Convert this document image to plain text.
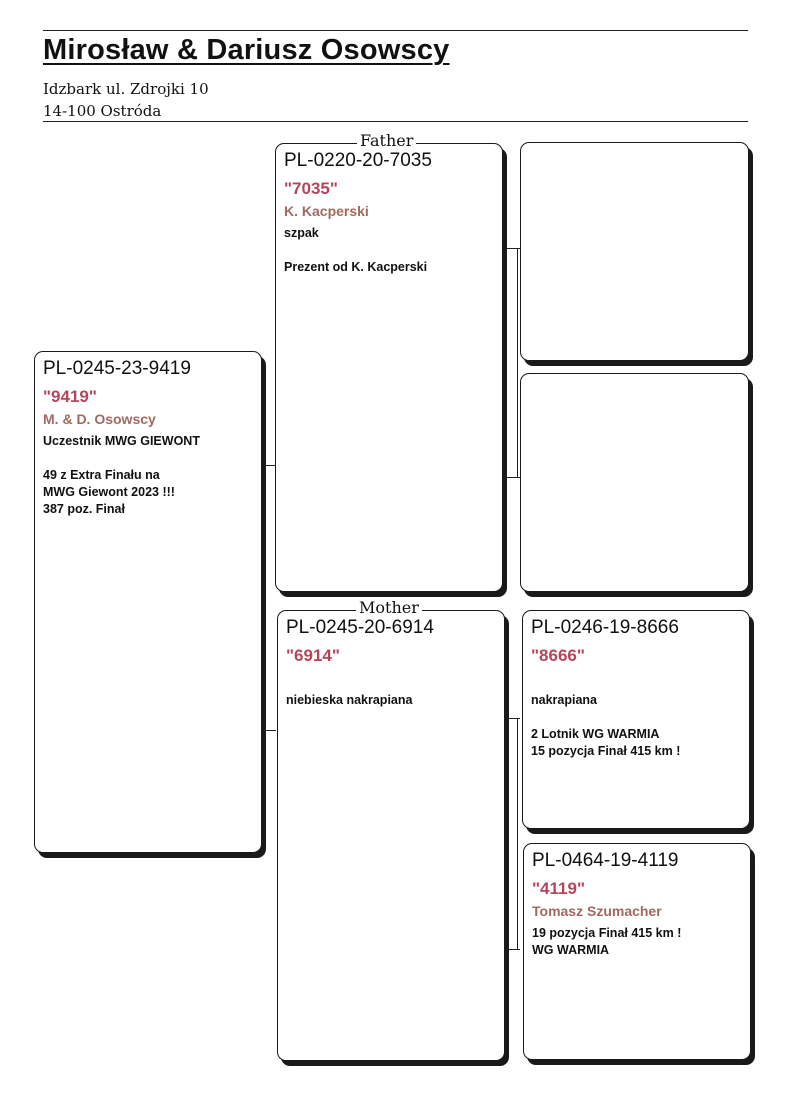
Mirosław & Dariusz Osowscy
Idzbark ul. Zdrojki 10
14-100 Ostróda
PL-0245-23-9419
"9419"
M. & D. Osowscy
Uczestnik MWG GIEWONT

49 z Extra Finału na
MWG Giewont 2023 !!!
387 poz. Finał
PL-0220-20-7035
"7035"
K. Kacperski
szpak

Prezent od K. Kacperski
Father
PL-0245-20-6914
"6914"
niebieska nakrapiana
Mother
PL-0246-19-8666
"8666"
nakrapiana

2 Lotnik WG WARMIA
15 pozycja Finał 415 km !
PL-0464-19-4119
"4119"
Tomasz Szumacher
19 pozycja Finał 415 km !
WG WARMIA
